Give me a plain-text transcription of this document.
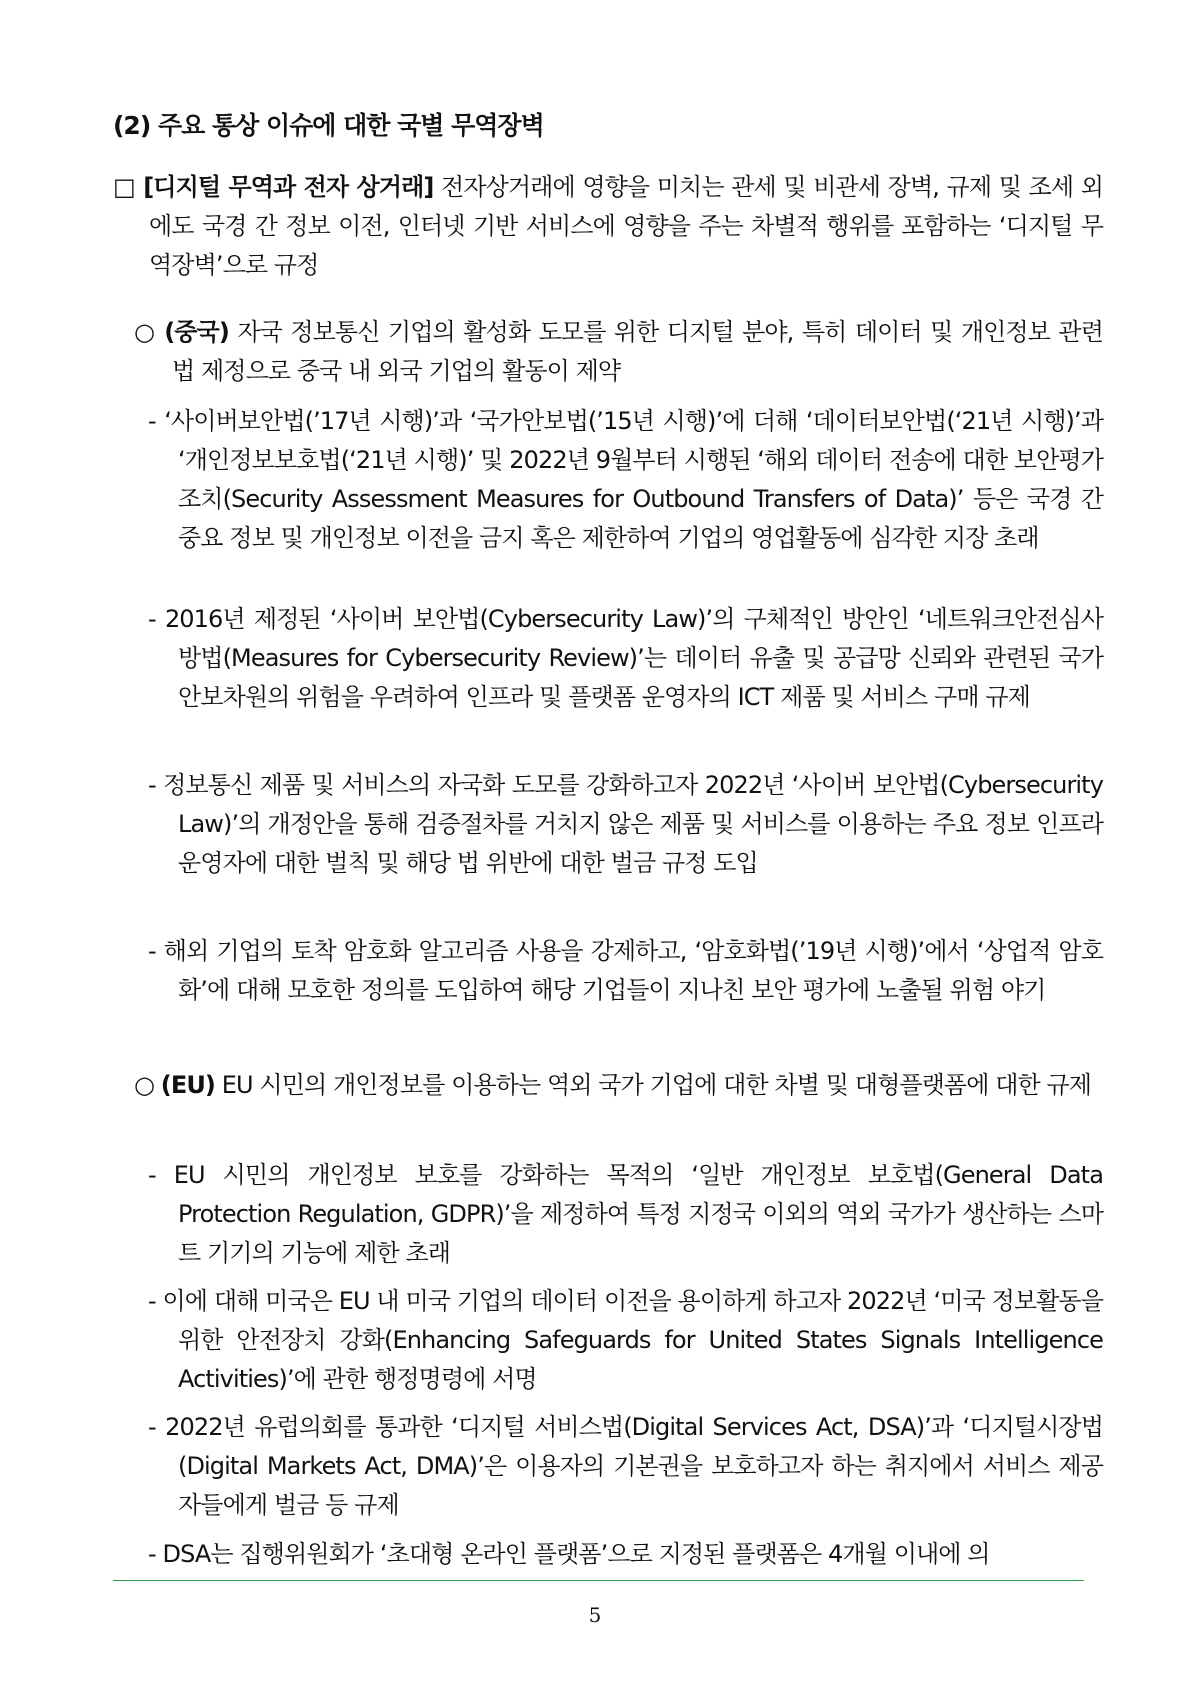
(2) 주요 통상 이슈에 대한 국별 무역장벽

□ [디지털 무역과 전자 상거래] 전자상거래에 영향을 미치는 관세 및 비관세 장벽, 규제 및 조세 외에도 국경 간 정보 이전, 인터넷 기반 서비스에 영향을 주는 차별적 행위를 포함하는 ‘디지털 무역장벽’으로 규정

○ (중국) 자국 정보통신 기업의 활성화 도모를 위한 디지털 분야, 특히 데이터 및 개인정보 관련 법 제정으로 중국 내 외국 기업의 활동이 제약

- ‘사이버보안법(’17년 시행)’과 ‘국가안보법(’15년 시행)’에 더해 ‘데이터보안법(‘21년 시행)’과 ‘개인정보보호법(‘21년 시행)’ 및 2022년 9월부터 시행된 ‘해외 데이터 전송에 대한 보안평가조치(Security Assessment Measures for Outbound Transfers of Data)’ 등은 국경 간 중요 정보 및 개인정보 이전을 금지 혹은 제한하여 기업의 영업활동에 심각한 지장 초래

- 2016년 제정된 ‘사이버 보안법(Cybersecurity Law)’의 구체적인 방안인 ‘네트워크안전심사방법(Measures for Cybersecurity Review)’는 데이터 유출 및 공급망 신뢰와 관련된 국가안보차원의 위험을 우려하여 인프라 및 플랫폼 운영자의 ICT 제품 및 서비스 구매 규제

- 정보통신 제품 및 서비스의 자국화 도모를 강화하고자 2022년 ‘사이버 보안법(Cybersecurity Law)’의 개정안을 통해 검증절차를 거치지 않은 제품 및 서비스를 이용하는 주요 정보 인프라 운영자에 대한 벌칙 및 해당 법 위반에 대한 벌금 규정 도입

- 해외 기업의 토착 암호화 알고리즘 사용을 강제하고, ‘암호화법(’19년 시행)’에서 ‘상업적 암호화’에 대해 모호한 정의를 도입하여 해당 기업들이 지나친 보안 평가에 노출될 위험 야기

○ (EU) EU 시민의 개인정보를 이용하는 역외 국가 기업에 대한 차별 및 대형플랫폼에 대한 규제

- EU 시민의 개인정보 보호를 강화하는 목적의 ‘일반 개인정보 보호법(General Data Protection Regulation, GDPR)’을 제정하여 특정 지정국 이외의 역외 국가가 생산하는 스마트 기기의 기능에 제한 초래

- 이에 대해 미국은 EU 내 미국 기업의 데이터 이전을 용이하게 하고자 2022년 ‘미국 정보활동을 위한 안전장치 강화(Enhancing Safeguards for United States Signals Intelligence Activities)’에 관한 행정명령에 서명

- 2022년 유럽의회를 통과한 ‘디지털 서비스법(Digital Services Act, DSA)’과 ‘디지털시장법(Digital Markets Act, DMA)’은 이용자의 기본권을 보호하고자 하는 취지에서 서비스 제공자들에게 벌금 등 규제

- DSA는 집행위원회가 ‘초대형 온라인 플랫폼’으로 지정된 플랫폼은 4개월 이내에 의

5
